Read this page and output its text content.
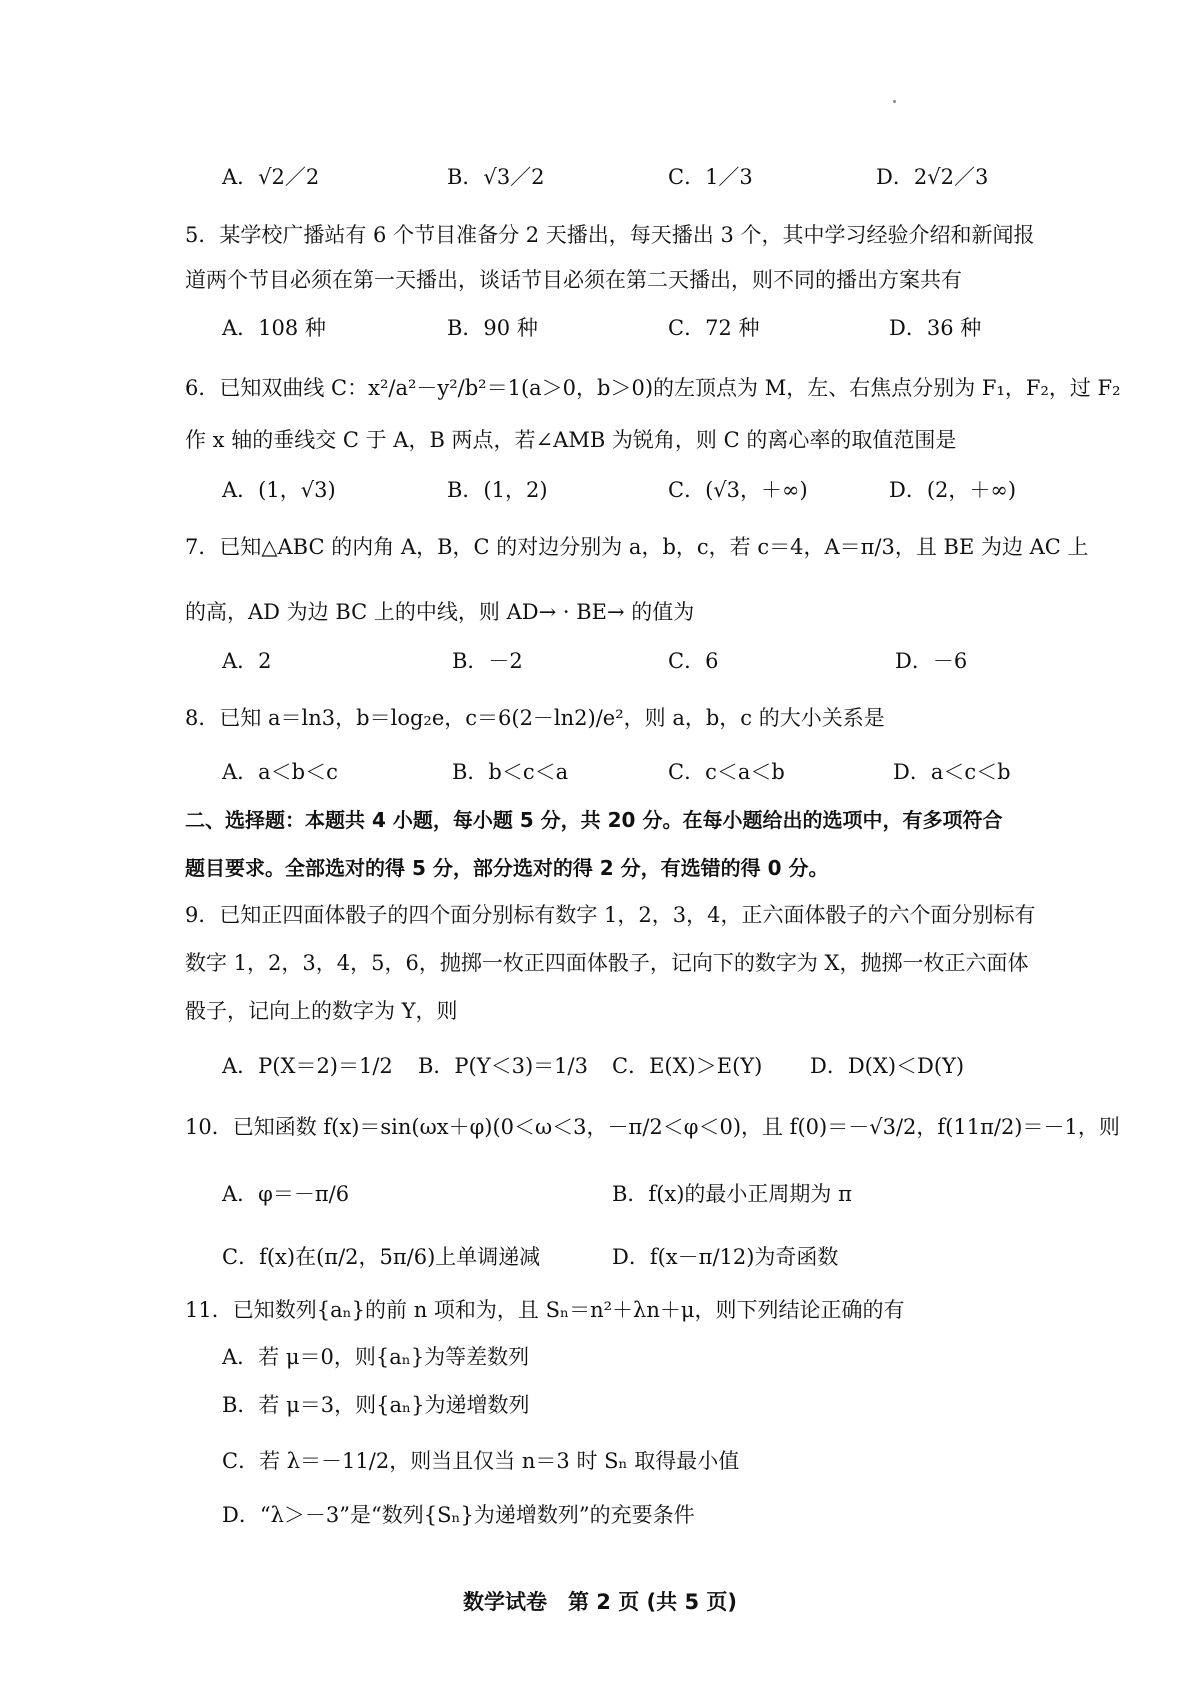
A．√2／2	B．√3／2	C．1／3	D．2√2／3
5．某学校广播站有 6 个节目准备分 2 天播出，每天播出 3 个，其中学习经验介绍和新闻报
道两个节目必须在第一天播出，谈话节目必须在第二天播出，则不同的播出方案共有
A．108 种	B．90 种	C．72 种	D．36 种
6．已知双曲线 C：x²/a²－y²/b²＝1(a＞0，b＞0)的左顶点为 M，左、右焦点分别为 F₁，F₂，过 F₂
作 x 轴的垂线交 C 于 A，B 两点，若∠AMB 为锐角，则 C 的离心率的取值范围是
A．(1，√3)	B．(1，2)	C．(√3，＋∞)	D．(2，＋∞)
7．已知△ABC 的内角 A，B，C 的对边分别为 a，b，c，若 c＝4，A＝π/3，且 BE 为边 AC 上
的高，AD 为边 BC 上的中线，则 AD→ · BE→ 的值为
A．2	B．－2	C．6	D．－6
8．已知 a＝ln3，b＝log₂e，c＝6(2－ln2)/e²，则 a，b，c 的大小关系是
A．a＜b＜c	B．b＜c＜a	C．c＜a＜b	D．a＜c＜b
二、选择题：本题共 4 小题，每小题 5 分，共 20 分。在每小题给出的选项中，有多项符合
题目要求。全部选对的得 5 分，部分选对的得 2 分，有选错的得 0 分。
9．已知正四面体骰子的四个面分别标有数字 1，2，3，4，正六面体骰子的六个面分别标有
数字 1，2，3，4，5，6，抛掷一枚正四面体骰子，记向下的数字为 X，抛掷一枚正六面体
骰子，记向上的数字为 Y，则
A．P(X＝2)＝1/2 B．P(Y＜3)＝1/3 C．E(X)＞E(Y) D．D(X)＜D(Y)
10．已知函数 f(x)＝sin(ωx＋φ)(0＜ω＜3，－π/2＜φ＜0)，且 f(0)＝－√3/2，f(11π/2)＝－1，则
A．φ＝－π/6	B．f(x)的最小正周期为 π
C．f(x)在(π/2，5π/6)上单调递减	D．f(x－π/12)为奇函数
11．已知数列{aₙ}的前 n 项和为，且 Sₙ＝n²＋λn＋μ，则下列结论正确的有
A．若 μ＝0，则{aₙ}为等差数列
B．若 μ＝3，则{aₙ}为递增数列
C．若 λ＝－11/2，则当且仅当 n＝3 时 Sₙ 取得最小值
D．“λ＞－3”是“数列{Sₙ}为递增数列”的充要条件
数学试卷　第 2 页 (共 5 页)
